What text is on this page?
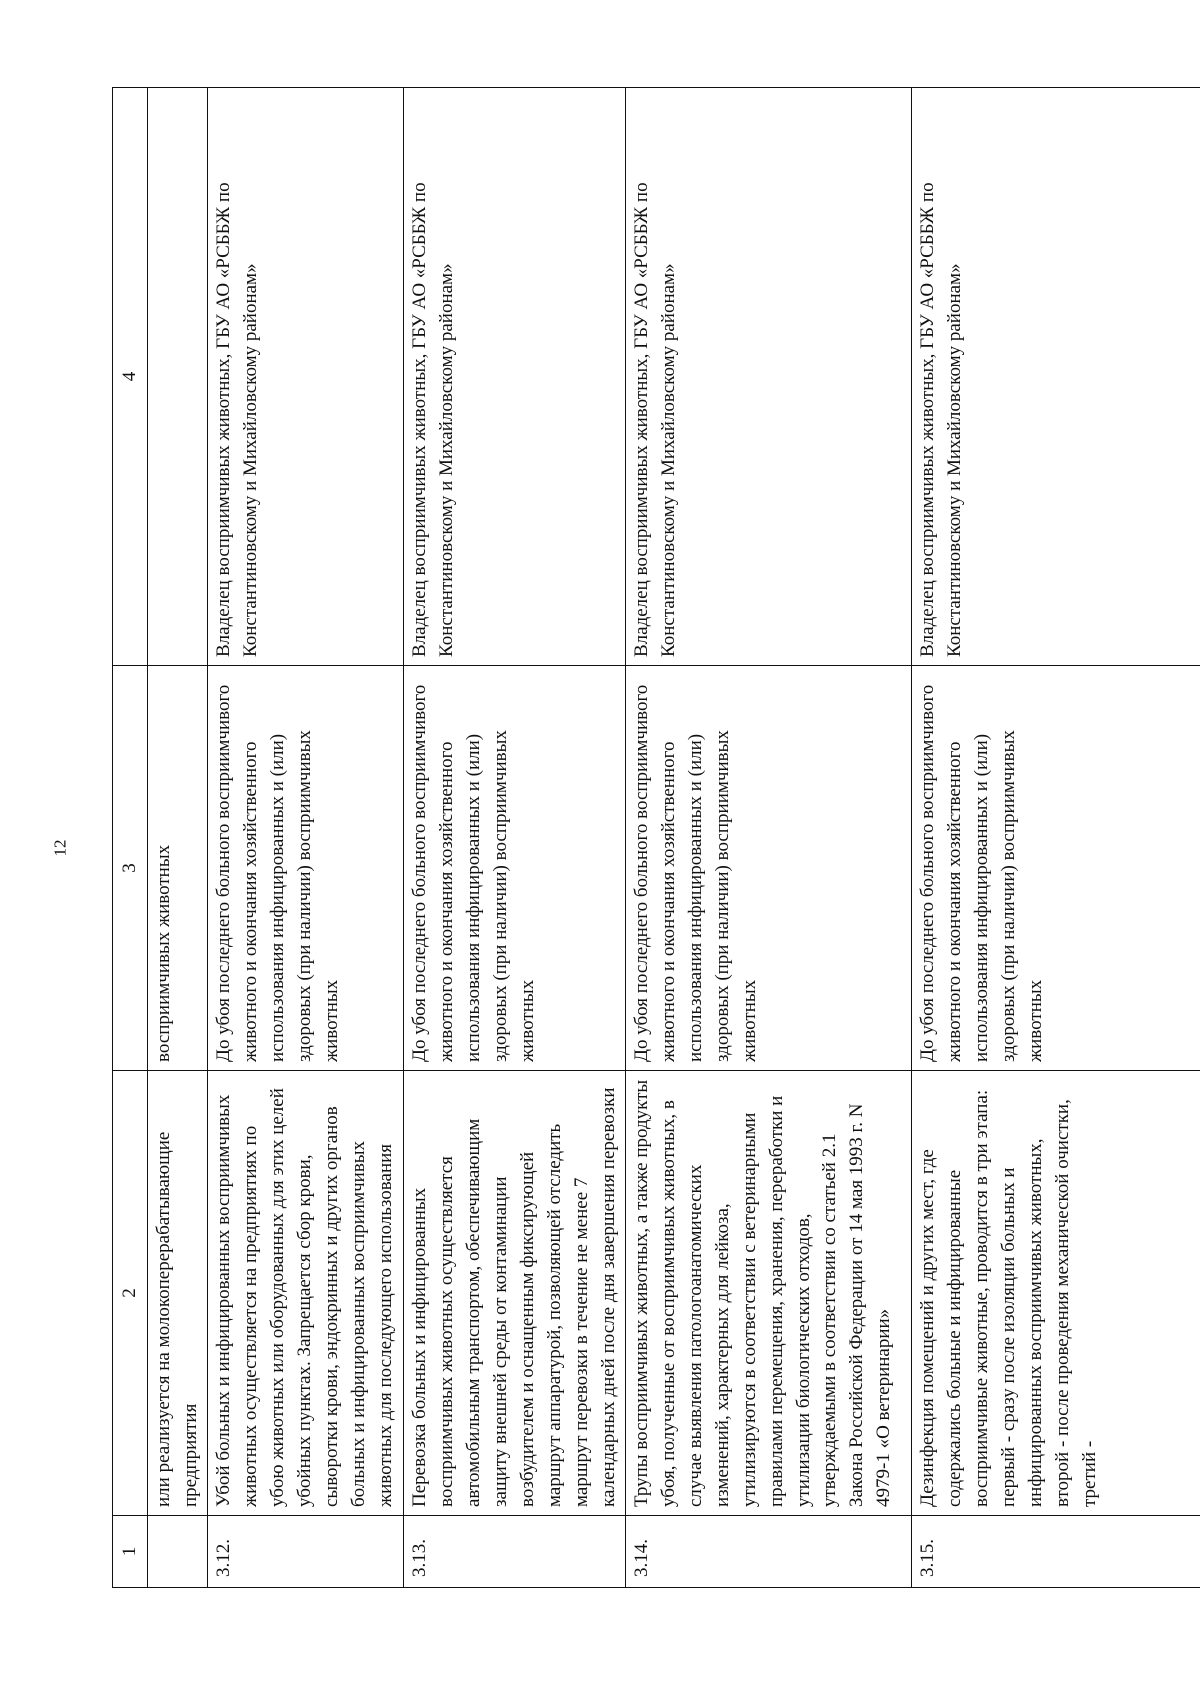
12
1	2	3	4
	или реализуется на молокоперерабатывающие предприятия	восприимчивых животных	
3.12.	Убой больных и инфицированных восприимчивых животных осуществляется на предприятиях по убою животных или оборудованных для этих целей убойных пунктах. Запрещается сбор крови, сыворотки крови, эндокринных и других органов больных и инфицированных восприимчивых животных для последующего использования	До убоя последнего больного восприимчивого животного и окончания хозяйственного использования инфицированных и (или) здоровых (при наличии) восприимчивых животных	Владелец восприимчивых животных, ГБУ АО «РСББЖ по Константиновскому и Михайловскому районам»
3.13.	Перевозка больных и инфицированных восприимчивых животных осуществляется автомобильным транспортом, обеспечивающим защиту внешней среды от контаминации возбудителем и оснащенным фиксирующей маршрут аппаратурой, позволяющей отследить маршрут перевозки в течение не менее 7 календарных дней после дня завершения перевозки	До убоя последнего больного восприимчивого животного и окончания хозяйственного использования инфицированных и (или) здоровых (при наличии) восприимчивых животных	Владелец восприимчивых животных, ГБУ АО «РСББЖ по Константиновскому и Михайловскому районам»
3.14.	Трупы восприимчивых животных, а также продукты убоя, полученные от восприимчивых животных, в случае выявления патологоанатомических изменений, характерных для лейкоза, утилизируются в соответствии с ветеринарными правилами перемещения, хранения, переработки и утилизации биологических отходов, утверждаемыми в соответствии со статьей 2.1 Закона Российской Федерации от 14 мая 1993 г. N 4979-1 «О ветеринарии»	До убоя последнего больного восприимчивого животного и окончания хозяйственного использования инфицированных и (или) здоровых (при наличии) восприимчивых животных	Владелец восприимчивых животных, ГБУ АО «РСББЖ по Константиновскому и Михайловскому районам»
3.15.	Дезинфекция помещений и других мест, где содержались больные и инфицированные восприимчивые животные, проводится в три этапа: первый - сразу после изоляции больных и инфицированных восприимчивых животных, второй - после проведения механической очистки, третий -	До убоя последнего больного восприимчивого животного и окончания хозяйственного использования инфицированных и (или) здоровых (при наличии) восприимчивых животных	Владелец восприимчивых животных, ГБУ АО «РСББЖ по Константиновскому и Михайловскому районам»
